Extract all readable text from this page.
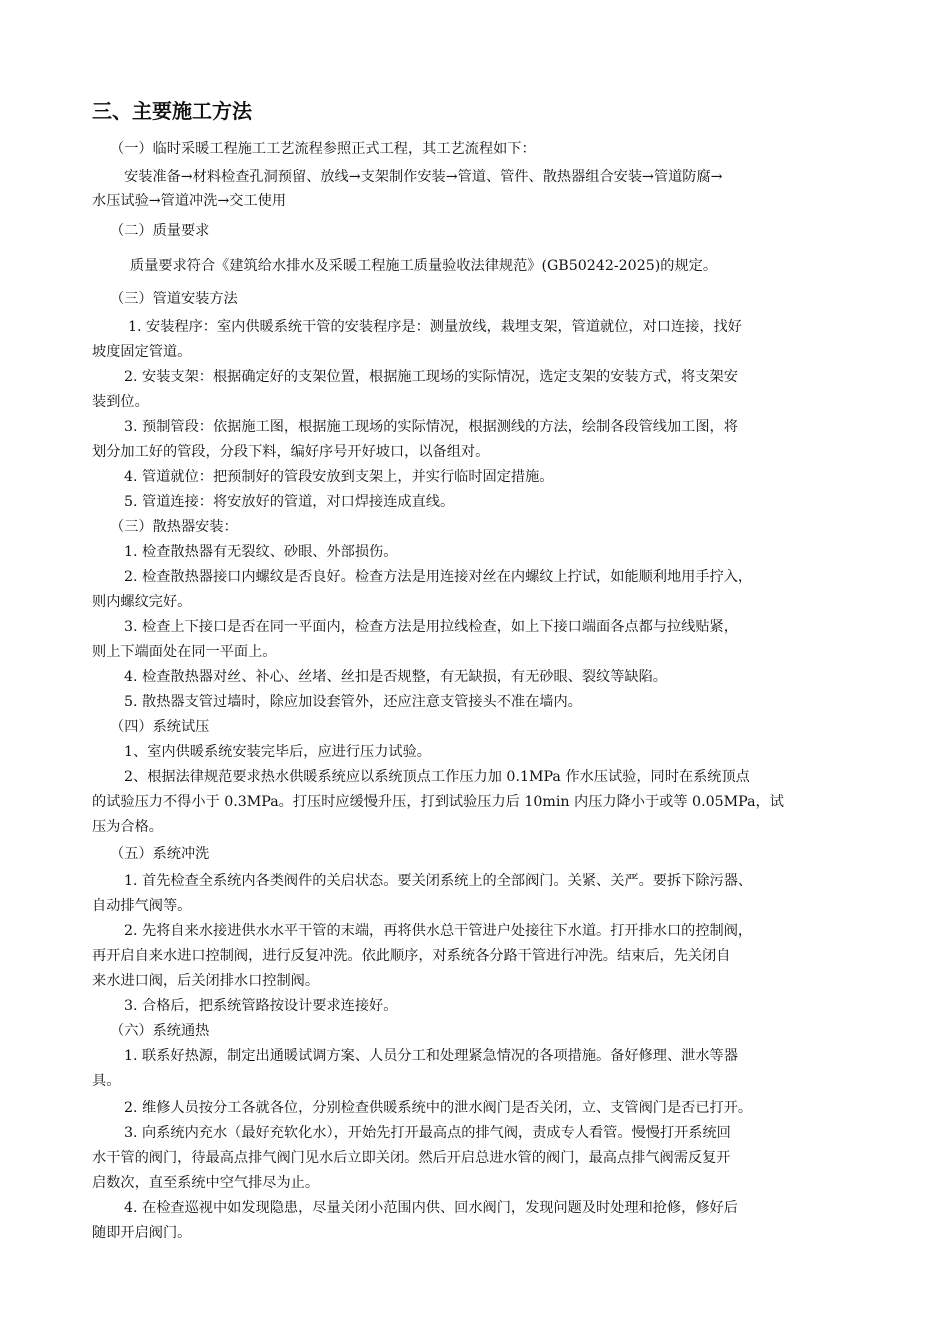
三、主要施工方法
（一）临时采暖工程施工工艺流程参照正式工程，其工艺流程如下：
安装准备→材料检查孔洞预留、放线→支架制作安装→管道、管件、散热器组合安装→管道防腐→
水压试验→管道冲洗→交工使用
（二）质量要求
质量要求符合《建筑给水排水及采暖工程施工质量验收法律规范》(GB50242-2025)的规定。
（三）管道安装方法
1. 安装程序：室内供暖系统干管的安装程序是：测量放线，栽埋支架，管道就位，对口连接，找好
坡度固定管道。
2. 安装支架：根据确定好的支架位置，根据施工现场的实际情况，选定支架的安装方式，将支架安
装到位。
3. 预制管段：依据施工图，根据施工现场的实际情况，根据测线的方法，绘制各段管线加工图，将
划分加工好的管段，分段下料，编好序号开好坡口，以备组对。
4. 管道就位：把预制好的管段安放到支架上，并实行临时固定措施。
5. 管道连接：将安放好的管道，对口焊接连成直线。
（三）散热器安装：
1. 检查散热器有无裂纹、砂眼、外部损伤。
2. 检查散热器接口内螺纹是否良好。检查方法是用连接对丝在内螺纹上拧试，如能顺利地用手拧入，
则内螺纹完好。
3. 检查上下接口是否在同一平面内，检查方法是用拉线检查，如上下接口端面各点都与拉线贴紧，
则上下端面处在同一平面上。
4. 检查散热器对丝、补心、丝堵、丝扣是否规整，有无缺损，有无砂眼、裂纹等缺陷。
5. 散热器支管过墙时，除应加设套管外，还应注意支管接头不准在墙内。
（四）系统试压
1、室内供暖系统安装完毕后，应进行压力试验。
2、根据法律规范要求热水供暖系统应以系统顶点工作压力加 0.1MPa 作水压试验，同时在系统顶点
的试验压力不得小于 0.3MPa。打压时应缓慢升压，打到试验压力后 10min 内压力降小于或等 0.05MPa，试
压为合格。
（五）系统冲洗
1. 首先检查全系统内各类阀件的关启状态。要关闭系统上的全部阀门。关紧、关严。要拆下除污器、
自动排气阀等。
2. 先将自来水接进供水水平干管的末端，再将供水总干管进户处接往下水道。打开排水口的控制阀，
再开启自来水进口控制阀，进行反复冲洗。依此顺序，对系统各分路干管进行冲洗。结束后，先关闭自
来水进口阀，后关闭排水口控制阀。
3. 合格后，把系统管路按设计要求连接好。
（六）系统通热
1. 联系好热源，制定出通暖试调方案、人员分工和处理紧急情况的各项措施。备好修理、泄水等器
具。
2. 维修人员按分工各就各位，分别检查供暖系统中的泄水阀门是否关闭，立、支管阀门是否已打开。
3. 向系统内充水（最好充软化水），开始先打开最高点的排气阀，责成专人看管。慢慢打开系统回
水干管的阀门，待最高点排气阀门见水后立即关闭。然后开启总进水管的阀门，最高点排气阀需反复开
启数次，直至系统中空气排尽为止。
4. 在检查巡视中如发现隐患，尽量关闭小范围内供、回水阀门，发现问题及时处理和抢修，修好后
随即开启阀门。
